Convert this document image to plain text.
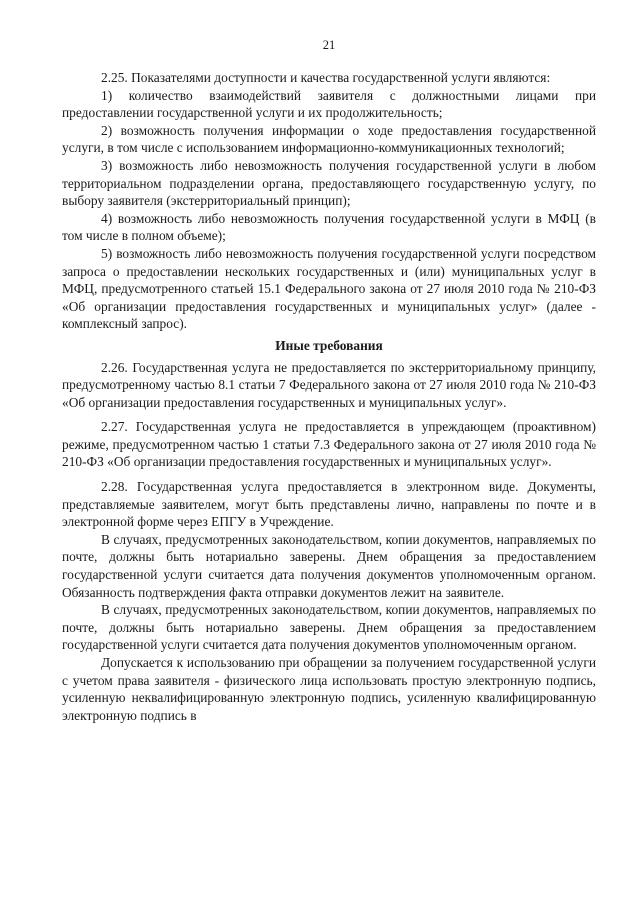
21

2.25. Показателями доступности и качества государственной услуги являются:

1) количество взаимодействий заявителя с должностными лицами при предоставлении государственной услуги и их продолжительность;

2) возможность получения информации о ходе предоставления государственной услуги, в том числе с использованием информационно-коммуникационных технологий;

3) возможность либо невозможность получения государственной услуги в любом территориальном подразделении органа, предоставляющего государственную услугу, по выбору заявителя (экстерриториальный принцип);

4) возможность либо невозможность получения государственной услуги в МФЦ (в том числе в полном объеме);

5) возможность либо невозможность получения государственной услуги посредством запроса о предоставлении нескольких государственных и (или) муниципальных услуг в МФЦ, предусмотренного статьей 15.1 Федерального закона от 27 июля 2010 года № 210-ФЗ «Об организации предоставления государственных и муниципальных услуг» (далее - комплексный запрос).

Иные требования

2.26. Государственная услуга не предоставляется по экстерриториальному принципу, предусмотренному частью 8.1 статьи 7 Федерального закона от 27 июля 2010 года № 210-ФЗ «Об организации предоставления государственных и муниципальных услуг».

2.27. Государственная услуга не предоставляется в упреждающем (проактивном) режиме, предусмотренном частью 1 статьи 7.3 Федерального закона от 27 июля 2010 года № 210-ФЗ «Об организации предоставления государственных и муниципальных услуг».

2.28. Государственная услуга предоставляется в электронном виде. Документы, представляемые заявителем, могут быть представлены лично, направлены по почте и в электронной форме через ЕПГУ в Учреждение.

В случаях, предусмотренных законодательством, копии документов, направляемых по почте, должны быть нотариально заверены. Днем обращения за предоставлением государственной услуги считается дата получения документов уполномоченным органом. Обязанность подтверждения факта отправки документов лежит на заявителе.

В случаях, предусмотренных законодательством, копии документов, направляемых по почте, должны быть нотариально заверены. Днем обращения за предоставлением государственной услуги считается дата получения документов уполномоченным органом.

Допускается к использованию при обращении за получением государственной услуги с учетом права заявителя - физического лица использовать простую электронную подпись, усиленную неквалифицированную электронную подпись, усиленную квалифицированную электронную подпись в
